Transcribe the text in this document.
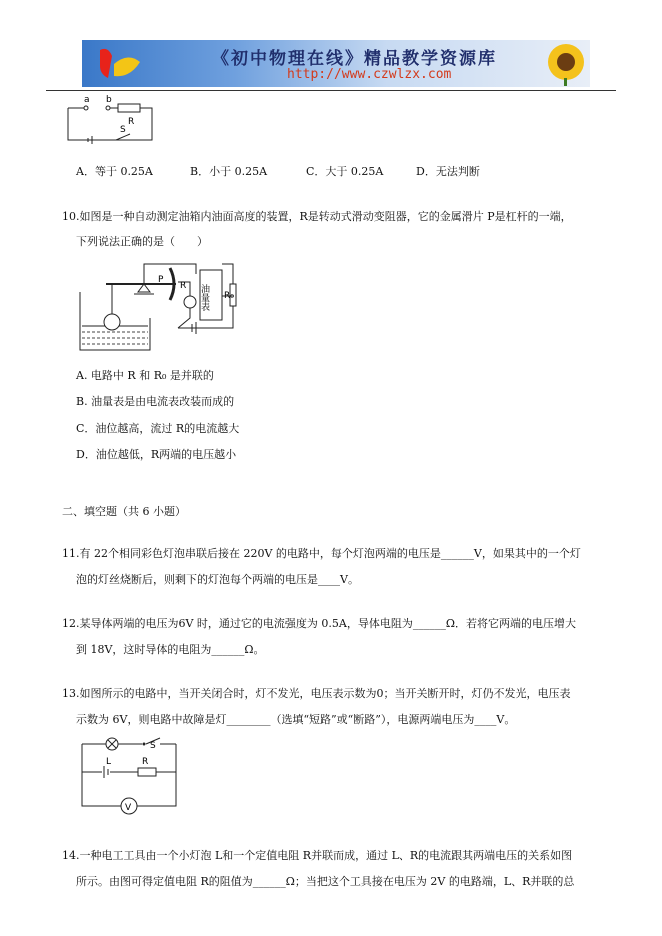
《初中物理在线》精品教学资源库
http://www.czwlzx.com
a b
R
S
A．等于 0.25A	B．小于 0.25A	C．大于 0.25A	D．无法判断
10.如图是一种自动测定油箱内油面高度的装置，R是转动式滑动变阻器，它的金属滑片 P是杠杆的一端，
下列说法正确的是（　　）
P
R 油量表 R₀
A. 电路中 R 和 R₀ 是并联的
B. 油量表是由电流表改装而成的
C．油位越高，流过 R的电流越大
D．油位越低，R两端的电压越小
二、填空题（共 6 小题）
11.有 22个相同彩色灯泡串联后接在 220V 的电路中，每个灯泡两端的电压是______V，如果其中的一个灯
泡的灯丝烧断后，则剩下的灯泡每个两端的电压是____V。
12.某导体两端的电压为6V 时，通过它的电流强度为 0.5A，导体电阻为______Ω．若将它两端的电压增大
到 18V，这时导体的电阻为______Ω。
13.如图所示的电路中，当开关闭合时，灯不发光，电压表示数为0；当开关断开时，灯仍不发光，电压表
示数为 6V，则电路中故障是灯________（选填“短路”或“断路”），电源两端电压为____V。
S
L	R
V
14.一种电工工具由一个小灯泡 L和一个定值电阻 R并联而成，通过 L、R的电流跟其两端电压的关系如图
所示。由图可得定值电阻 R的阻值为______Ω；当把这个工具接在电压为 2V 的电路端，L、R并联的总
